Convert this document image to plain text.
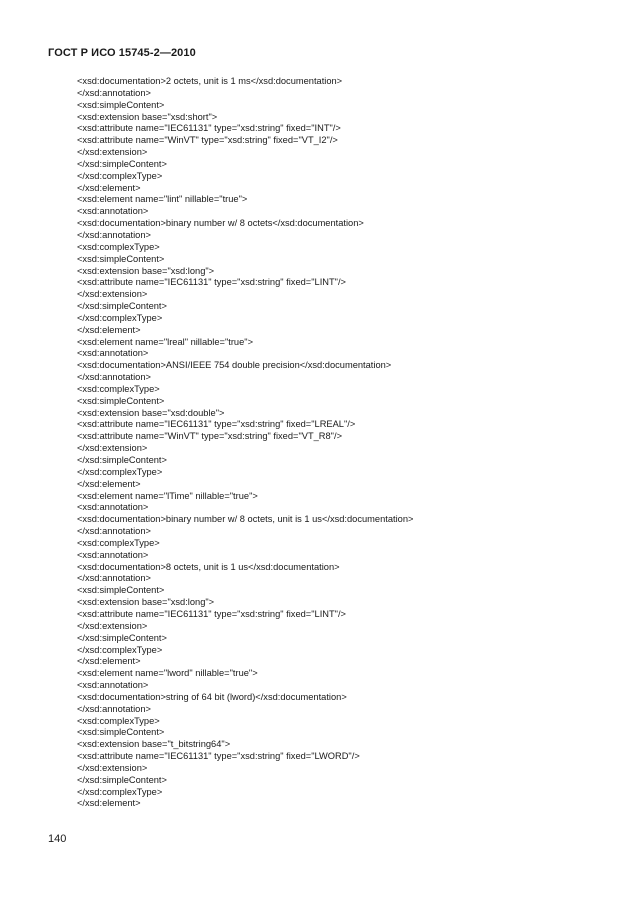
ГОСТ Р ИСО 15745-2—2010
<xsd:documentation>2 octets, unit is 1 ms</xsd:documentation>
</xsd:annotation>
<xsd:simpleContent>
<xsd:extension base="xsd:short">
<xsd:attribute name="IEC61131" type="xsd:string" fixed="INT"/>
<xsd:attribute name="WinVT" type="xsd:string" fixed="VT_I2"/>
</xsd:extension>
</xsd:simpleContent>
</xsd:complexType>
</xsd:element>
<xsd:element name="lint" nillable="true">
<xsd:annotation>
<xsd:documentation>binary number w/ 8 octets</xsd:documentation>
</xsd:annotation>
<xsd:complexType>
<xsd:simpleContent>
<xsd:extension base="xsd:long">
<xsd:attribute name="IEC61131" type="xsd:string" fixed="LINT"/>
</xsd:extension>
</xsd:simpleContent>
</xsd:complexType>
</xsd:element>
<xsd:element name="lreal" nillable="true">
<xsd:annotation>
<xsd:documentation>ANSI/IEEE 754 double precision</xsd:documentation>
</xsd:annotation>
<xsd:complexType>
<xsd:simpleContent>
<xsd:extension base="xsd:double">
<xsd:attribute name="IEC61131" type="xsd:string" fixed="LREAL"/>
<xsd:attribute name="WinVT" type="xsd:string" fixed="VT_R8"/>
</xsd:extension>
</xsd:simpleContent>
</xsd:complexType>
</xsd:element>
<xsd:element name="lTime" nillable="true">
<xsd:annotation>
<xsd:documentation>binary number w/ 8 octets, unit is 1 us</xsd:documentation>
</xsd:annotation>
<xsd:complexType>
<xsd:annotation>
<xsd:documentation>8 octets, unit is 1 us</xsd:documentation>
</xsd:annotation>
<xsd:simpleContent>
<xsd:extension base="xsd:long">
<xsd:attribute name="IEC61131" type="xsd:string" fixed="LINT"/>
</xsd:extension>
</xsd:simpleContent>
</xsd:complexType>
</xsd:element>
<xsd:element name="lword" nillable="true">
<xsd:annotation>
<xsd:documentation>string of 64 bit (lword)</xsd:documentation>
</xsd:annotation>
<xsd:complexType>
<xsd:simpleContent>
<xsd:extension base="t_bitstring64">
<xsd:attribute name="IEC61131" type="xsd:string" fixed="LWORD"/>
</xsd:extension>
</xsd:simpleContent>
</xsd:complexType>
</xsd:element>
140
